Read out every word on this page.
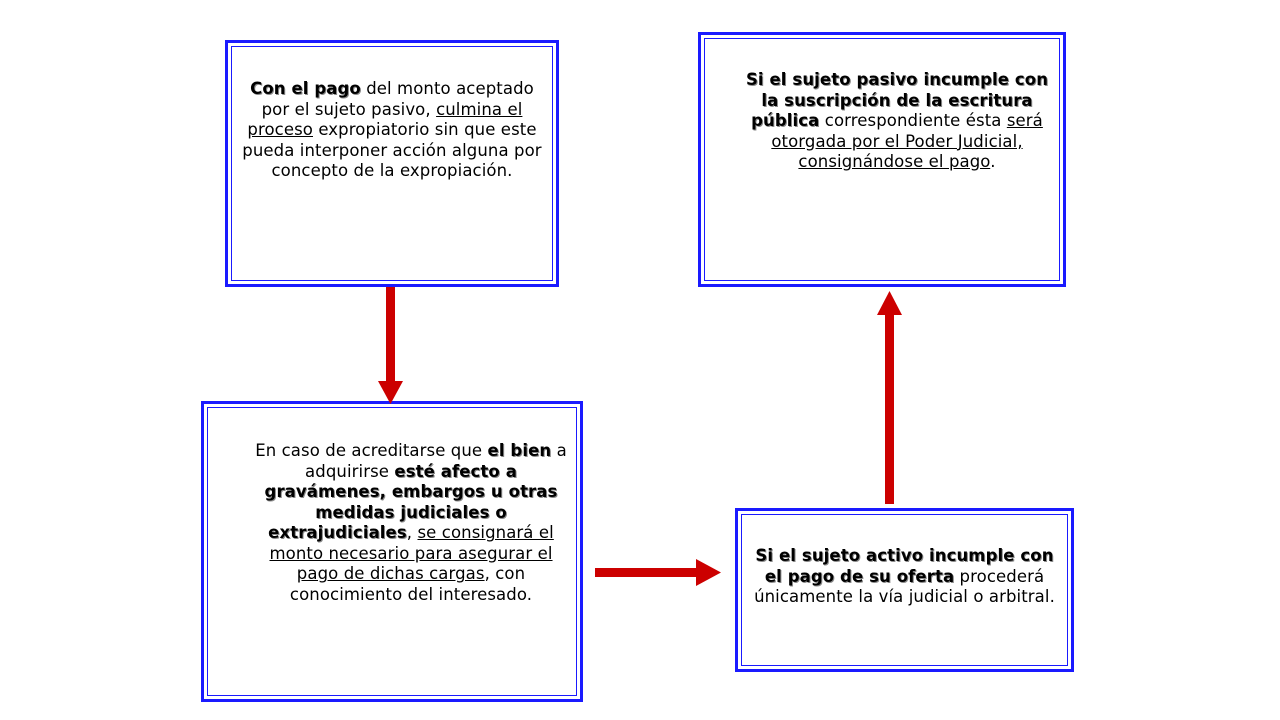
Con el pago del monto aceptado por el sujeto pasivo, culmina el proceso expropiatorio sin que este pueda interponer acción alguna por concepto de la expropiación.
Si el sujeto pasivo incumple con la suscripción de la escritura pública correspondiente ésta será otorgada por el Poder Judicial, consignándose el pago.
En caso de acreditarse que el bien a adquirirse esté afecto a gravámenes, embargos u otras medidas judiciales o extrajudiciales, se consignará el monto necesario para asegurar el pago de dichas cargas, con conocimiento del interesado.
Si el sujeto activo incumple con el pago de su oferta procederá únicamente la vía judicial o arbitral.
